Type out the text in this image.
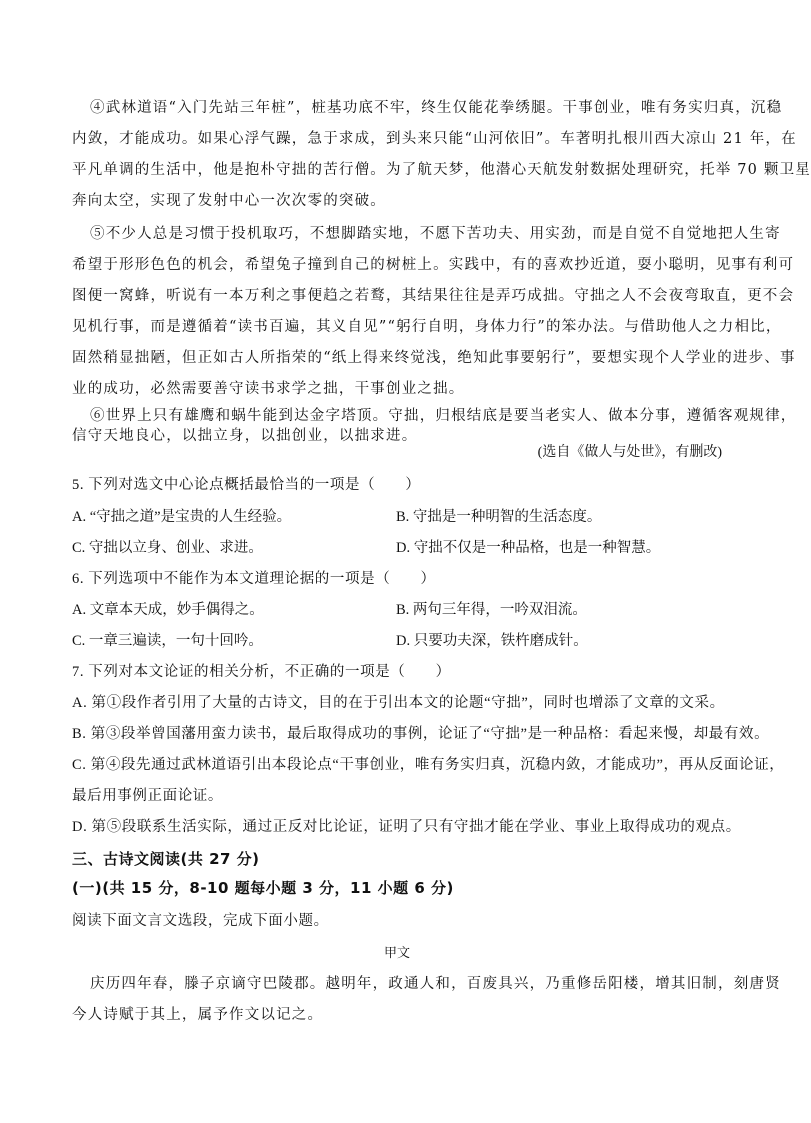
④武林道语“入门先站三年桩”，桩基功底不牢，终生仅能花拳绣腿。干事创业，唯有务实归真，沉稳
内敛，才能成功。如果心浮气躁，急于求成，到头来只能“山河依旧”。车著明扎根川西大凉山 21 年，在
平凡单调的生活中，他是抱朴守拙的苦行僧。为了航天梦，他潜心天航发射数据处理研究，托举 70 颗卫星
奔向太空，实现了发射中心一次次零的突破。
⑤不少人总是习惯于投机取巧，不想脚踏实地，不愿下苦功夫、用实劲，而是自觉不自觉地把人生寄
希望于形形色色的机会，希望兔子撞到自己的树桩上。实践中，有的喜欢抄近道，耍小聪明，见事有利可
图便一窝蜂，听说有一本万利之事便趋之若鹜，其结果往往是弄巧成拙。守拙之人不会夜弯取直，更不会
见机行事，而是遵循着“读书百遍，其义自见”“躬行自明，身体力行”的笨办法。与借助他人之力相比，
固然稍显拙陋，但正如古人所指荣的“纸上得来终觉浅，绝知此事要躬行”，要想实现个人学业的进步、事
业的成功，必然需要善守读书求学之拙，干事创业之拙。
⑥世界上只有雄鹰和蜗牛能到达金字塔顶。守拙，归根结底是要当老实人、做本分事，遵循客观规律，
信守天地良心，以拙立身，以拙创业，以拙求进。
(选自《做人与处世》，有删改)
5. 下列对选文中心论点概括最恰当的一项是（　　）
A. “守拙之道”是宝贵的人生经验。	B. 守拙是一种明智的生活态度。
C. 守拙以立身、创业、求进。	D. 守拙不仅是一种品格，也是一种智慧。
6. 下列选项中不能作为本文道理论据的一项是（　　）
A. 文章本天成，妙手偶得之。	B. 两句三年得，一吟双泪流。
C. 一章三遍读，一句十回吟。	D. 只要功夫深，铁杵磨成针。
7. 下列对本文论证的相关分析，不正确的一项是（　　）
A. 第①段作者引用了大量的古诗文，目的在于引出本文的论题“守拙”，同时也增添了文章的文采。
B. 第③段举曾国藩用蛮力读书，最后取得成功的事例，论证了“守拙”是一种品格：看起来慢，却最有效。
C. 第④段先通过武林道语引出本段论点“干事创业，唯有务实归真，沉稳内敛，才能成功”，再从反面论证，
最后用事例正面论证。
D. 第⑤段联系生活实际，通过正反对比论证，证明了只有守拙才能在学业、事业上取得成功的观点。
三、古诗文阅读(共 27 分)
(一)(共 15 分，8-10 题每小题 3 分，11 小题 6 分)
阅读下面文言文选段，完成下面小题。
甲文
庆历四年春，滕子京谪守巴陵郡。越明年，政通人和，百废具兴，乃重修岳阳楼，增其旧制，刻唐贤
今人诗赋于其上，属予作文以记之。
